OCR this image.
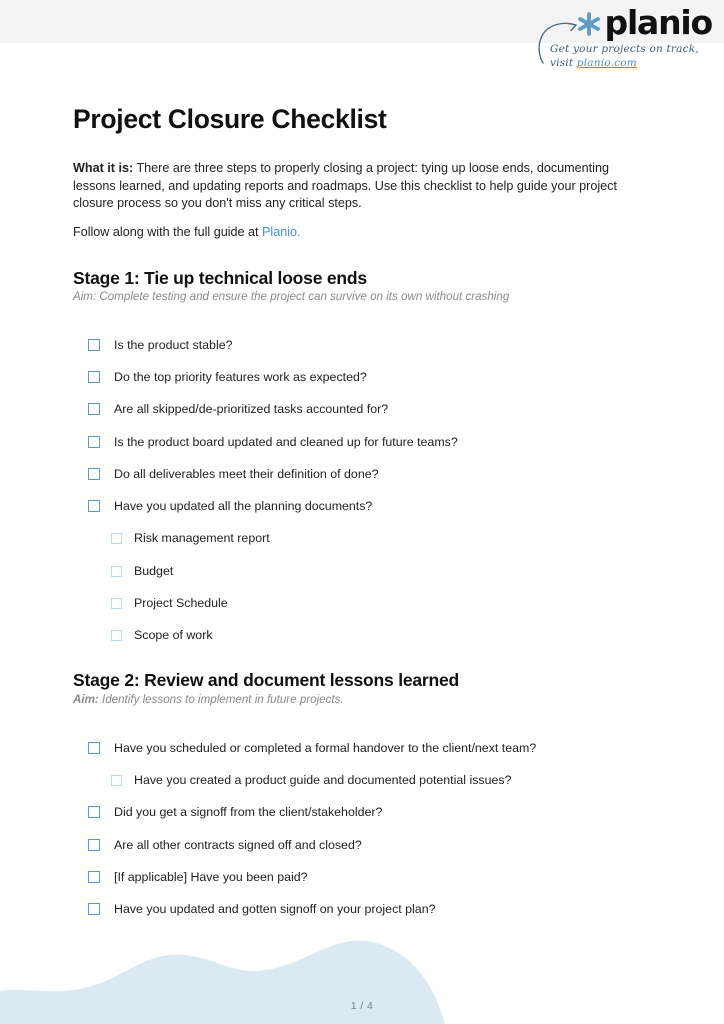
planio
Get your projects on track,
visit planio.com
Project Closure Checklist

What it is: There are three steps to properly closing a project: tying up loose ends, documenting lessons learned, and updating reports and roadmaps. Use this checklist to help guide your project closure process so you don't miss any critical steps.

Follow along with the full guide at Planio.

Stage 1: Tie up technical loose ends
Aim: Complete testing and ensure the project can survive on its own without crashing
Stage 2: Review and document lessons learned
Aim: Identify lessons to implement in future projects.
Is the product stable?
Do the top priority features work as expected?
Are all skipped/de-prioritized tasks accounted for?
Is the product board updated and cleaned up for future teams?
Do all deliverables meet their definition of done?
Have you updated all the planning documents?
Risk management report
Budget
Project Schedule
Scope of work
Have you scheduled or completed a formal handover to the client/next team?
Have you created a product guide and documented potential issues?
Did you get a signoff from the client/stakeholder?
Are all other contracts signed off and closed?
[If applicable] Have you been paid?
Have you updated and gotten signoff on your project plan?
1 / 4
